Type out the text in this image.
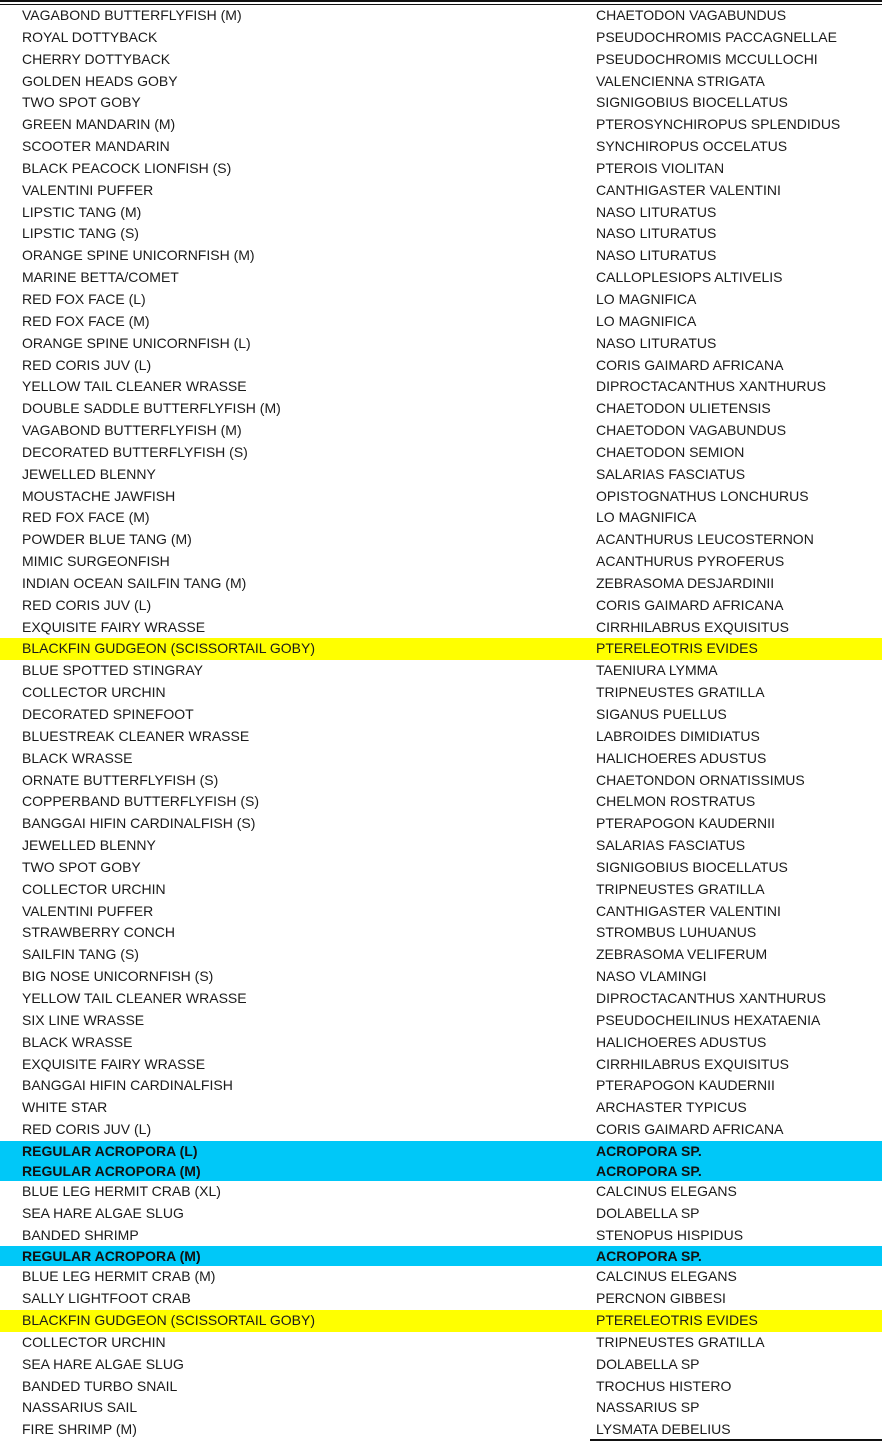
VAGABOND BUTTERFLYFISH (M)	CHAETODON VAGABUNDUS
ROYAL DOTTYBACK	PSEUDOCHROMIS PACCAGNELLAE
CHERRY DOTTYBACK	PSEUDOCHROMIS MCCULLOCHI
GOLDEN HEADS GOBY	VALENCIENNA STRIGATA
TWO SPOT GOBY	SIGNIGOBIUS BIOCELLATUS
GREEN MANDARIN (M)	PTEROSYNCHIROPUS SPLENDIDUS
SCOOTER MANDARIN	SYNCHIROPUS OCCELATUS
BLACK PEACOCK LIONFISH (S)	PTEROIS VIOLITAN
VALENTINI PUFFER	CANTHIGASTER VALENTINI
LIPSTIC TANG (M)	NASO LITURATUS
LIPSTIC TANG (S)	NASO LITURATUS
ORANGE SPINE UNICORNFISH (M)	NASO LITURATUS
MARINE BETTA/COMET	CALLOPLESIOPS ALTIVELIS
RED FOX FACE (L)	LO MAGNIFICA
RED FOX FACE (M)	LO MAGNIFICA
ORANGE SPINE UNICORNFISH (L)	NASO LITURATUS
RED CORIS JUV (L)	CORIS GAIMARD AFRICANA
YELLOW TAIL CLEANER WRASSE	DIPROCTACANTHUS XANTHURUS
DOUBLE SADDLE BUTTERFLYFISH (M)	CHAETODON ULIETENSIS
VAGABOND BUTTERFLYFISH (M)	CHAETODON VAGABUNDUS
DECORATED BUTTERFLYFISH (S)	CHAETODON SEMION
JEWELLED BLENNY	SALARIAS FASCIATUS
MOUSTACHE JAWFISH	OPISTOGNATHUS LONCHURUS
RED FOX FACE (M)	LO MAGNIFICA
POWDER BLUE TANG (M)	ACANTHURUS LEUCOSTERNON
MIMIC SURGEONFISH	ACANTHURUS PYROFERUS
INDIAN OCEAN SAILFIN TANG (M)	ZEBRASOMA DESJARDINII
RED CORIS JUV (L)	CORIS GAIMARD AFRICANA
EXQUISITE FAIRY WRASSE	CIRRHILABRUS EXQUISITUS
BLACKFIN GUDGEON (SCISSORTAIL GOBY)	PTERELEOTRIS EVIDES
BLUE SPOTTED STINGRAY	TAENIURA LYMMA
COLLECTOR URCHIN	TRIPNEUSTES GRATILLA
DECORATED SPINEFOOT	SIGANUS PUELLUS
BLUESTREAK CLEANER WRASSE	LABROIDES DIMIDIATUS
BLACK WRASSE	HALICHOERES ADUSTUS
ORNATE BUTTERFLYFISH (S)	CHAETONDON ORNATISSIMUS
COPPERBAND BUTTERFLYFISH (S)	CHELMON ROSTRATUS
BANGGAI HIFIN CARDINALFISH (S)	PTERAPOGON KAUDERNII
JEWELLED BLENNY	SALARIAS FASCIATUS
TWO SPOT GOBY	SIGNIGOBIUS BIOCELLATUS
COLLECTOR URCHIN	TRIPNEUSTES GRATILLA
VALENTINI PUFFER	CANTHIGASTER VALENTINI
STRAWBERRY CONCH	STROMBUS LUHUANUS
SAILFIN TANG (S)	ZEBRASOMA VELIFERUM
BIG NOSE UNICORNFISH (S)	NASO VLAMINGI
YELLOW TAIL CLEANER WRASSE	DIPROCTACANTHUS XANTHURUS
SIX LINE WRASSE	PSEUDOCHEILINUS HEXATAENIA
BLACK WRASSE	HALICHOERES ADUSTUS
EXQUISITE FAIRY WRASSE	CIRRHILABRUS EXQUISITUS
BANGGAI HIFIN CARDINALFISH	PTERAPOGON KAUDERNII
WHITE STAR	ARCHASTER TYPICUS
RED CORIS JUV (L)	CORIS GAIMARD AFRICANA
REGULAR ACROPORA (L)	ACROPORA SP.
REGULAR ACROPORA (M)	ACROPORA SP.
BLUE LEG HERMIT CRAB (XL)	CALCINUS ELEGANS
SEA HARE ALGAE SLUG	DOLABELLA SP
BANDED SHRIMP	STENOPUS HISPIDUS
REGULAR ACROPORA (M)	ACROPORA SP.
BLUE LEG HERMIT CRAB (M)	CALCINUS ELEGANS
SALLY LIGHTFOOT CRAB	PERCNON GIBBESI
BLACKFIN GUDGEON (SCISSORTAIL GOBY)	PTERELEOTRIS EVIDES
COLLECTOR URCHIN	TRIPNEUSTES GRATILLA
SEA HARE ALGAE SLUG	DOLABELLA SP
BANDED TURBO SNAIL	TROCHUS HISTERO
NASSARIUS SAIL	NASSARIUS SP
FIRE SHRIMP (M)	LYSMATA DEBELIUS
